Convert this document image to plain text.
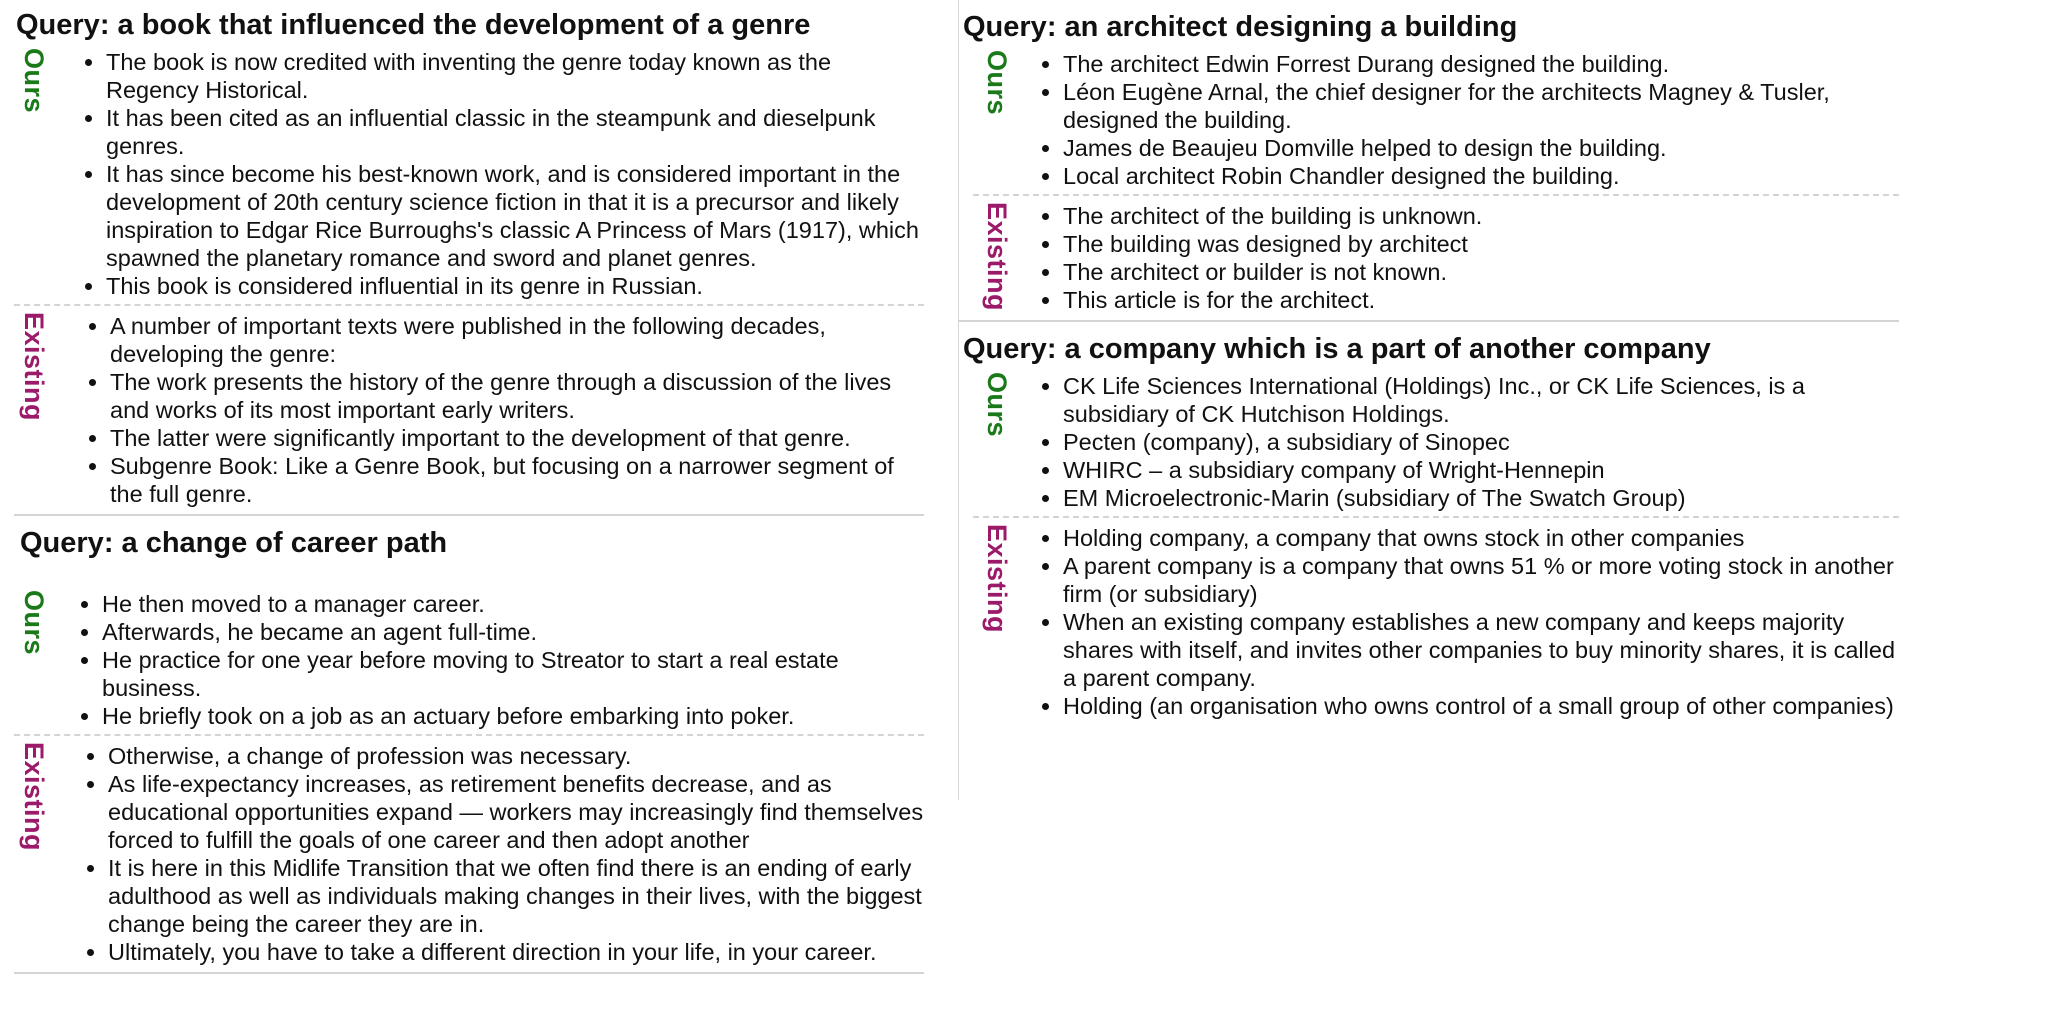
Query: a book that influenced the development of a genre
Ours • The book is now credited with inventing the genre today known as the Regency Historical.
• It has been cited as an influential classic in the steampunk and dieselpunk genres.
• It has since become his best-known work, and is considered important in the development of 20th century science fiction in that it is a precursor and likely inspiration to Edgar Rice Burroughs's classic A Princess of Mars (1917), which spawned the planetary romance and sword and planet genres.
• This book is considered influential in its genre in Russian.
Existing	• A number of important texts were published in the following decades, developing the genre:
• The work presents the history of the genre through a discussion of the lives and works of its most important early writers.
• The latter were significantly important to the development of that genre.
• Subgenre Book: Like a Genre Book, but focusing on a narrower segment of the full genre.
Query: a change of career path
Ours • He then moved to a manager career.
• Afterwards, he became an agent full-time.
• He practice for one year before moving to Streator to start a real estate business.
• He briefly took on a job as an actuary before embarking into poker.
Existing	• Otherwise, a change of profession was necessary.
• As life-expectancy increases, as retirement benefits decrease, and as educational opportunities expand — workers may increasingly find themselves forced to fulfill the goals of one career and then adopt another
• It is here in this Midlife Transition that we often find there is an ending of early adulthood as well as individuals making changes in their lives, with the biggest change being the career they are in.
• Ultimately, you have to take a different direction in your life, in your career.
Query: an architect designing a building
Ours • The architect Edwin Forrest Durang designed the building.
• Léon Eugène Arnal, the chief designer for the architects Magney & Tusler, designed the building.
• James de Beaujeu Domville helped to design the building.
• Local architect Robin Chandler designed the building.
Existing • The architect of the building is unknown.
• The building was designed by architect
• The architect or builder is not known.
• This article is for the architect.
Query: a company which is a part of another company
Ours • CK Life Sciences International (Holdings) Inc., or CK Life Sciences, is a subsidiary of CK Hutchison Holdings.
• Pecten (company), a subsidiary of Sinopec
• WHIRC – a subsidiary company of Wright-Hennepin
• EM Microelectronic-Marin (subsidiary of The Swatch Group)
Existing • Holding company, a company that owns stock in other companies
• A parent company is a company that owns 51 % or more voting stock in another firm (or subsidiary)
• When an existing company establishes a new company and keeps majority shares with itself, and invites other companies to buy minority shares, it is called a parent company.
• Holding (an organisation who owns control of a small group of other companies)
